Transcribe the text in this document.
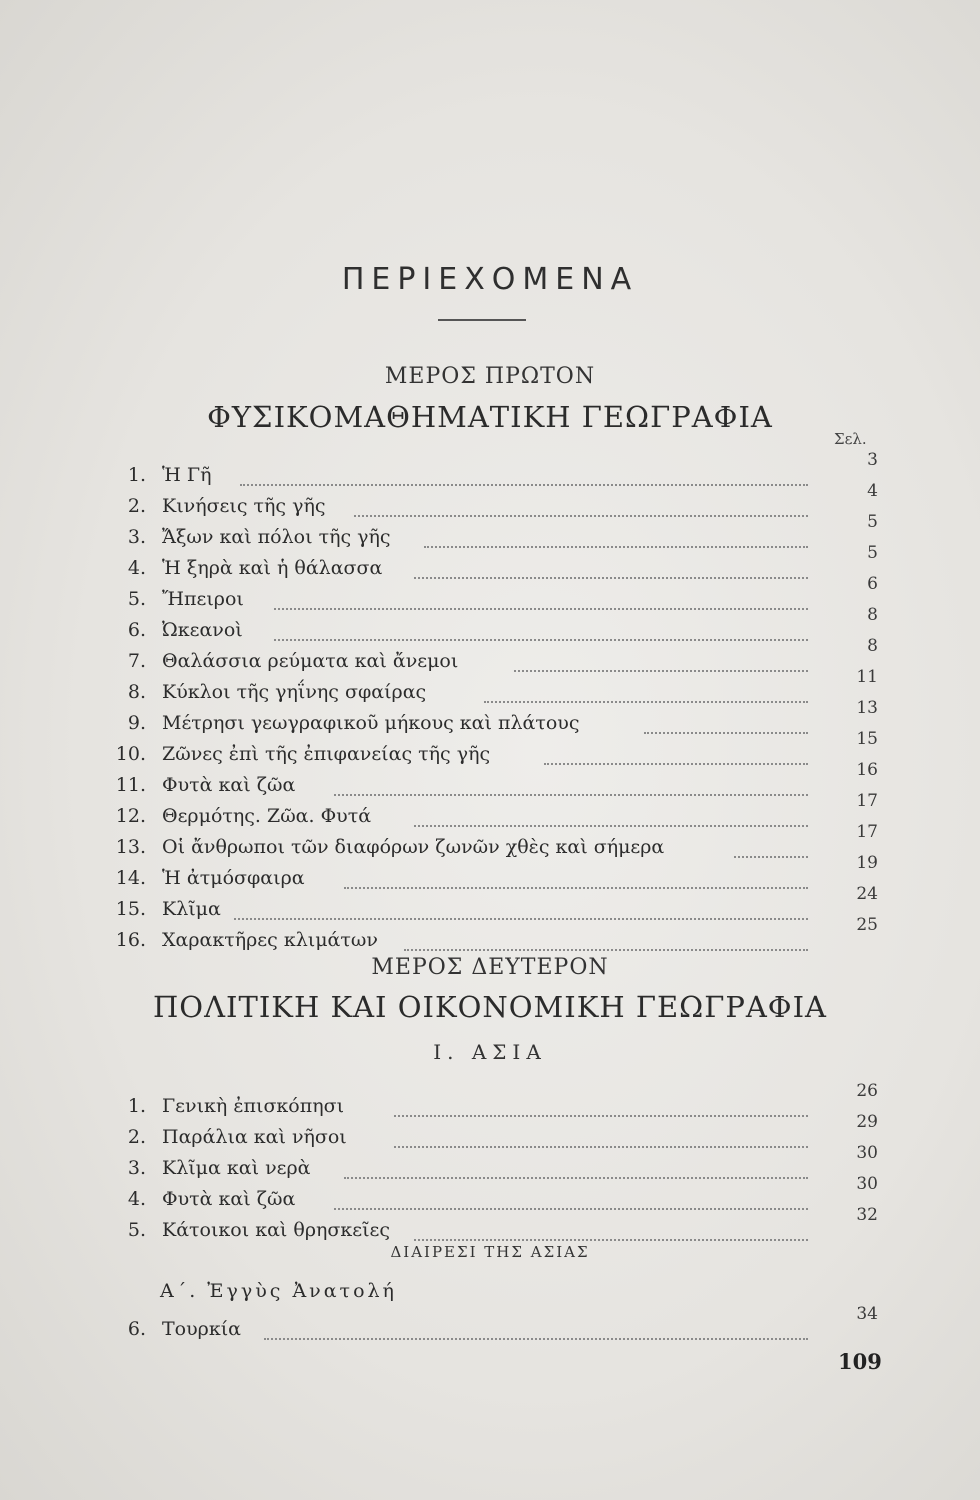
ΠΕΡΙΕΧΟΜΕΝΑ
ΜΕΡΟΣ ΠΡΩΤΟΝ
ΦΥΣΙΚΟΜΑΘΗΜΑΤΙΚΗ ΓΕΩΓΡΑΦΙΑ
Σελ.
1. Ἡ Γῆ
3
2. Κινήσεις τῆς γῆς
4
3. Ἄξων καὶ πόλοι τῆς γῆς
5
4. Ἡ ξηρὰ καὶ ἡ θάλασσα
5
5. Ἤπειροι
6
6. Ὠκεανοὶ
8
7. Θαλάσσια ρεύματα καὶ ἄνεμοι
8
8. Κύκλοι τῆς γηΐνης σφαίρας
11
9. Μέτρησι γεωγραφικοῦ μήκους καὶ πλάτους
13
10. Ζῶνες ἐπὶ τῆς ἐπιφανείας τῆς γῆς
15
11. Φυτὰ καὶ ζῶα
16
12. Θερμότης. Ζῶα. Φυτά
17
13. Οἱ ἄνθρωποι τῶν διαφόρων ζωνῶν χθὲς καὶ σήμερα
17
14. Ἡ ἀτμόσφαιρα
19
15. Κλῖμα
24
16. Χαρακτῆρες κλιμάτων
25
ΜΕΡΟΣ ΔΕΥΤΕΡΟΝ
ΠΟΛΙΤΙΚΗ ΚΑΙ ΟΙΚΟΝΟΜΙΚΗ ΓΕΩΓΡΑΦΙΑ
I. ΑΣΙΑ
1. Γενικὴ ἐπισκόπησι
26
2. Παράλια καὶ νῆσοι
29
3. Κλῖμα καὶ νερὰ
30
4. Φυτὰ καὶ ζῶα
30
5. Κάτοικοι καὶ θρησκεῖες
32
ΔΙΑΙΡΕΣΙ ΤΗΣ ΑΣΙΑΣ
Α΄. Ἐγγὺς Ἀνατολή
6. Τουρκία
34
109
